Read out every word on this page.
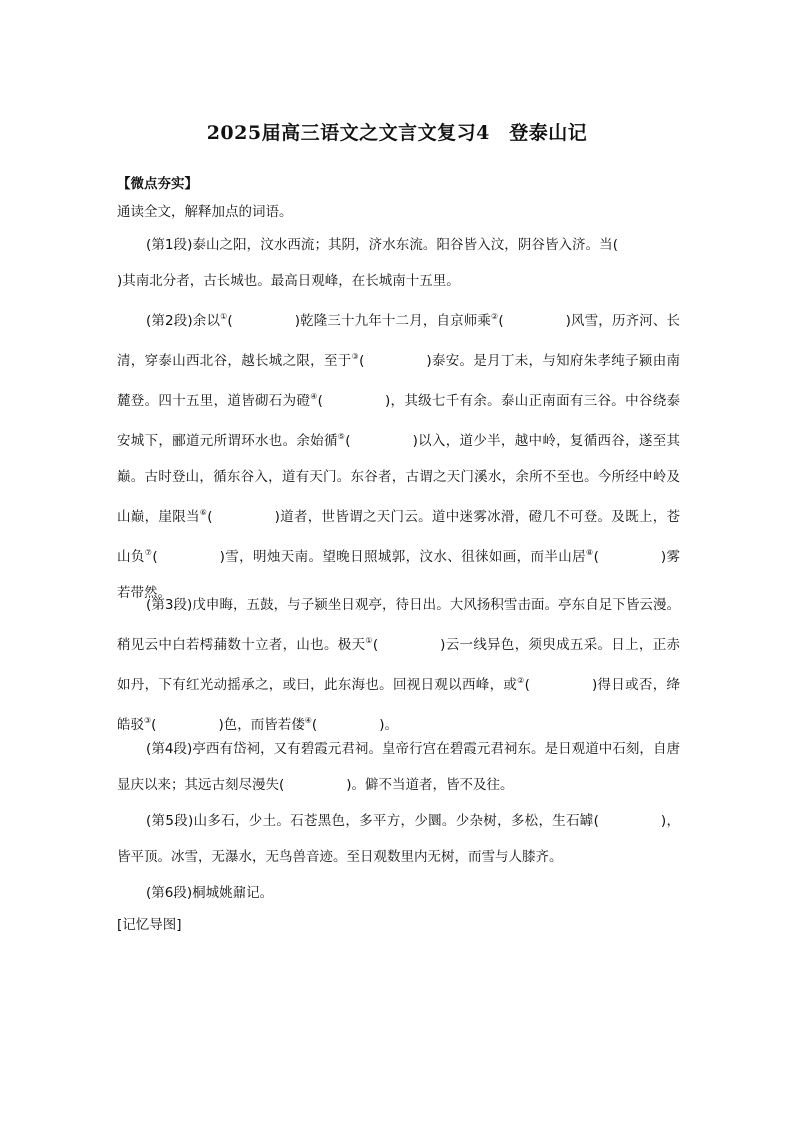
2025届高三语文之文言文复习4　登泰山记
【微点夯实】
通读全文，解释加点的词语。

(第1段)泰山之阳，汶水西流；其阴，济水东流。阳谷皆入汶，阴谷皆入济。当()其南北分者，古长城也。最高日观峰，在长城南十五里。

(第2段)余以①(	)乾隆三十九年十二月，自京师乘②(	)风雪，历齐河、长清，穿泰山西北谷，越长城之限，至于③(	)泰安。是月丁未，与知府朱孝纯子颍由南麓登。四十五里，道皆砌石为磴④(	)，其级七千有余。泰山正南面有三谷。中谷绕泰安城下，郦道元所谓环水也。余始循⑤(	)以入，道少半，越中岭，复循西谷，遂至其巅。古时登山，循东谷入，道有天门。东谷者，古谓之天门溪水，余所不至也。今所经中岭及山巅，崖限当⑥(	)道者，世皆谓之天门云。道中迷雾冰滑，磴几不可登。及既上，苍山负⑦(	)雪，明烛天南。望晚日照城郭，汶水、徂徕如画，而半山居⑧(	)雾若带然。

(第3段)戊申晦，五鼓，与子颍坐日观亭，待日出。大风扬积雪击面。亭东自足下皆云漫。稍见云中白若樗蒱数十立者，山也。极天①(	)云一线异色，须臾成五采。日上，正赤如丹，下有红光动摇承之，或曰，此东海也。回视日观以西峰，或②(	)得日或否，绛皓驳③(	)色，而皆若偻④(	)。

(第4段)亭西有岱祠，又有碧霞元君祠。皇帝行宫在碧霞元君祠东。是日观道中石刻，自唐显庆以来；其远古刻尽漫失(	)。僻不当道者，皆不及往。

(第5段)山多石，少土。石苍黑色，多平方，少圜。少杂树，多松，生石罅(	)，皆平顶。冰雪，无瀑水，无鸟兽音迹。至日观数里内无树，而雪与人膝齐。

(第6段)桐城姚鼐记。

[记忆导图]
